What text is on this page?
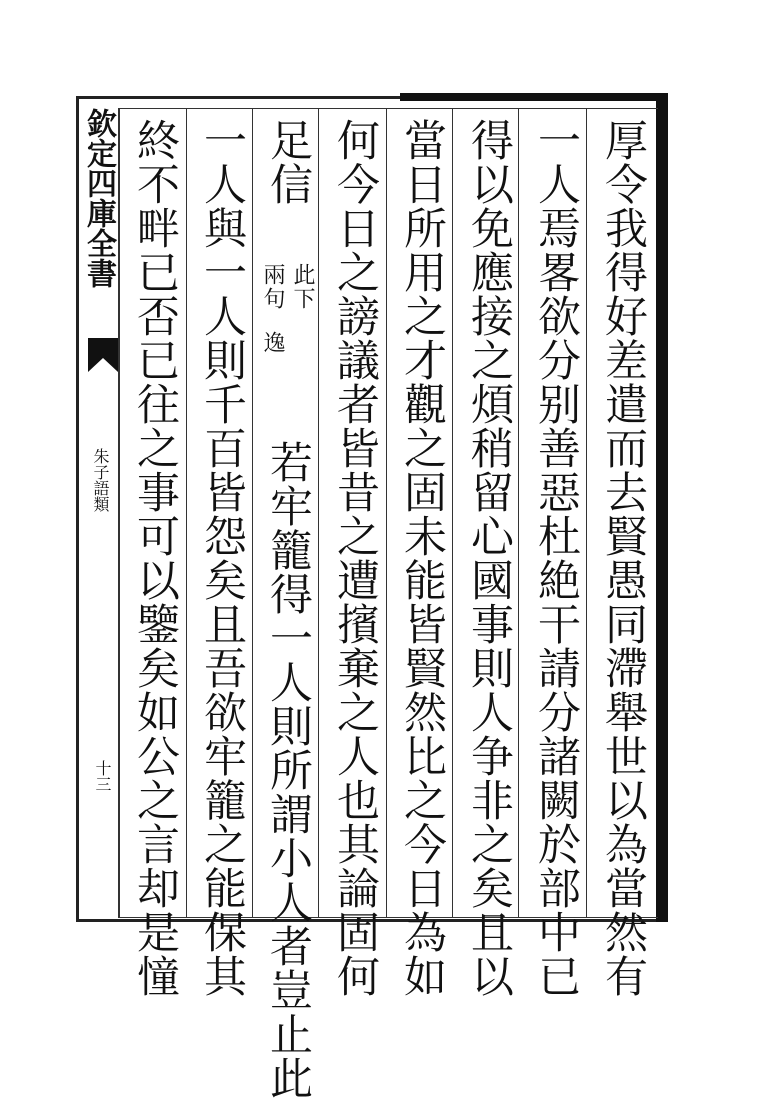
欽定四庫全書
朱子語類
十三	厚令我得好差遣而去賢愚同滯舉世以為當然有
一人焉畧欲分别善惡杜絶干請分諸闕於部中已
得以免應接之煩稍留心國事則人争非之矣且以
當日所用之才觀之固未能皆賢然比之今日為如
何今日之謗議者皆昔之遭擯棄之人也其論固何
足信
此下
兩句
逸
若牢籠得一人則所謂小人者豈止此
一人與一人則千百皆怨矣且吾欲牢籠之能保其
終不畔已否已往之事可以鑒矣如公之言却是憧
